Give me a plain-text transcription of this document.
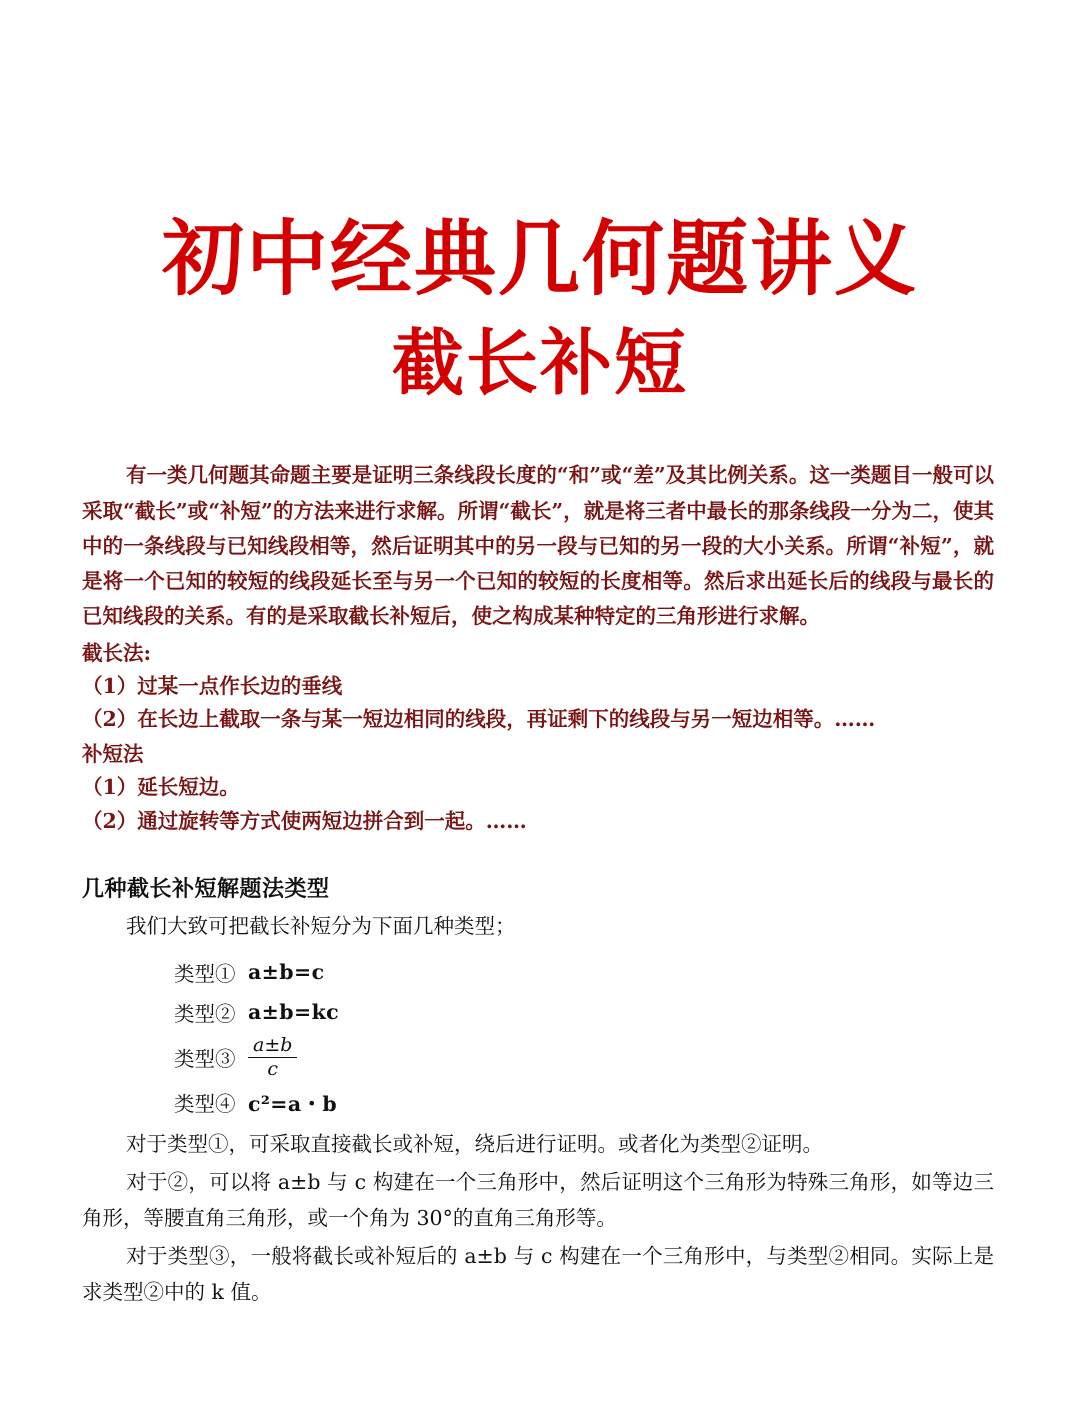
初中经典几何题讲义
截长补短
有一类几何题其命题主要是证明三条线段长度的“和”或“差”及其比例关系。这一类题目一般可以采取“截长”或“补短”的方法来进行求解。所谓“截长”，就是将三者中最长的那条线段一分为二，使其中的一条线段与已知线段相等，然后证明其中的另一段与已知的另一段的大小关系。所谓“补短”，就是将一个已知的较短的线段延长至与另一个已知的较短的长度相等。然后求出延长后的线段与最长的已知线段的关系。有的是采取截长补短后，使之构成某种特定的三角形进行求解。
截长法:
（1）过某一点作长边的垂线
（2）在长边上截取一条与某一短边相同的线段，再证剩下的线段与另一短边相等。……
补短法
（1）延长短边。
（2）通过旋转等方式使两短边拼合到一起。……
几种截长补短解题法类型
我们大致可把截长补短分为下面几种类型；
类型① a±b=c
类型② a±b=kc
类型③ $\frac{a\pm b}{c}$
类型④ c²=a・b
对于类型①，可采取直接截长或补短，绕后进行证明。或者化为类型②证明。
对于②，可以将 a±b 与 c 构建在一个三角形中，然后证明这个三角形为特殊三角形，如等边三角形，等腰直角三角形，或一个角为 30°的直角三角形等。
对于类型③，一般将截长或补短后的 a±b 与 c 构建在一个三角形中，与类型②相同。实际上是求类型②中的 k 值。
